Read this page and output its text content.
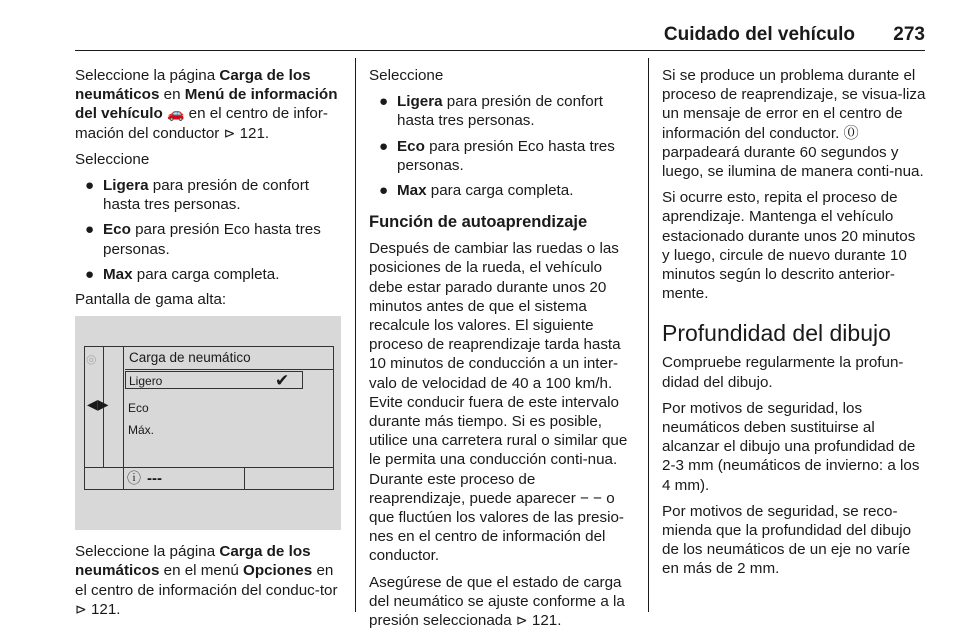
Cuidado del vehículo 273

Seleccione la página Carga de los neumáticos en Menú de información del vehículo 🚗 en el centro de infor-mación del conductor ⊳ 121.

Seleccione

● Ligera para presión de confort hasta tres personas.
● Eco para presión Eco hasta tres personas.
● Max para carga completa.

Pantalla de gama alta:

◎
◀▶
Carga de neumático
Ligero	✔
Eco
Máx.
ⓘ ---

Seleccione la página Carga de los neumáticos en el menú Opciones en el centro de información del conduc-tor ⊳ 121.

Seleccione

● Ligera para presión de confort hasta tres personas.
● Eco para presión Eco hasta tres personas.
● Max para carga completa.
Función de autoaprendizaje

Después de cambiar las ruedas o las posiciones de la rueda, el vehículo debe estar parado durante unos 20 minutos antes de que el sistema recalcule los valores. El siguiente proceso de reaprendizaje tarda hasta 10 minutos de conducción a un inter-valo de velocidad de 40 a 100 km/h. Evite conducir fuera de este intervalo durante más tiempo. Si es posible, utilice una carretera rural o similar que le permita una conducción conti-nua. Durante este proceso de reaprendizaje, puede aparecer − − o que fluctúen los valores de las presio-nes en el centro de información del conductor.

Asegúrese de que el estado de carga del neumático se ajuste conforme a la presión seleccionada ⊳ 121.

Si se produce un problema durante el proceso de reaprendizaje, se visua-liza un mensaje de error en el centro de información del conductor. ⓪ parpadeará durante 60 segundos y luego, se ilumina de manera conti-nua.

Si ocurre esto, repita el proceso de aprendizaje. Mantenga el vehículo estacionado durante unos 20 minutos y luego, circule de nuevo durante 10 minutos según lo descrito anterior-mente.

Profundidad del dibujo

Compruebe regularmente la profun-didad del dibujo.

Por motivos de seguridad, los neumáticos deben sustituirse al alcanzar el dibujo una profundidad de 2-3 mm (neumáticos de invierno: a los 4 mm).

Por motivos de seguridad, se reco-mienda que la profundidad del dibujo de los neumáticos de un eje no varíe en más de 2 mm.
